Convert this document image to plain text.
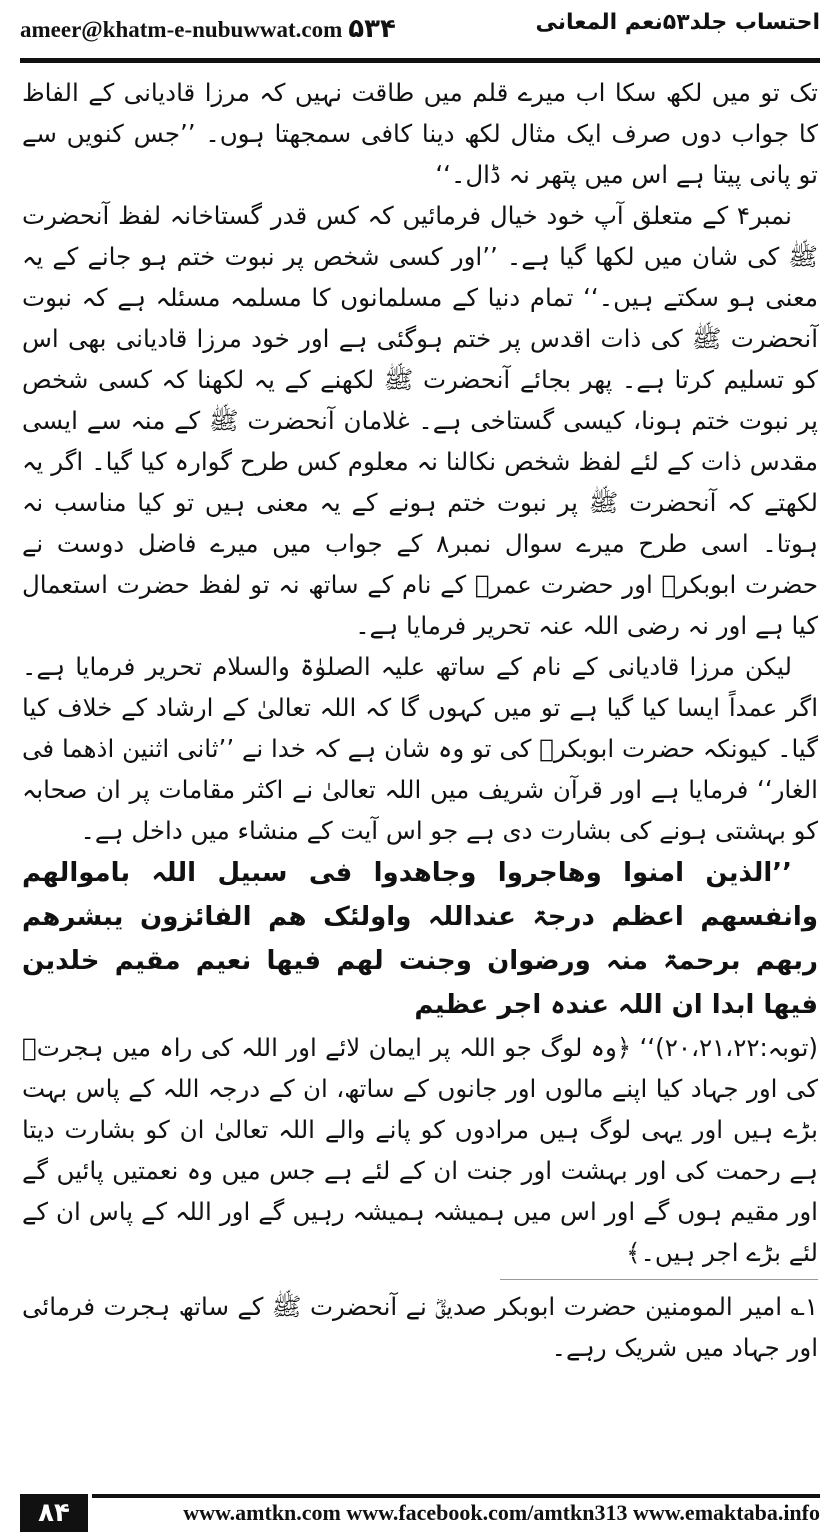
ameer@khatm-e-nubuwwat.com ۵۳۴	احتساب جلد۵۳نعم المعانی

تک تو میں لکھ سکا اب میرے قلم میں طاقت نہیں کہ مرزا قادیانی کے الفاظ کا جواب دوں صرف ایک مثال لکھ دینا کافی سمجھتا ہوں۔ ’’جس کنویں سے تو پانی پیتا ہے اس میں پتھر نہ ڈال۔‘‘

نمبر۴ کے متعلق آپ خود خیال فرمائیں کہ کس قدر گستاخانہ لفظ آنحضرت ﷺ کی شان میں لکھا گیا ہے۔ ’’اور کسی شخص پر نبوت ختم ہو جانے کے یہ معنی ہو سکتے ہیں۔‘‘ تمام دنیا کے مسلمانوں کا مسلمہ مسئلہ ہے کہ نبوت آنحضرت ﷺ کی ذات اقدس پر ختم ہوگئی ہے اور خود مرزا قادیانی بھی اس کو تسلیم کرتا ہے۔ پھر بجائے آنحضرت ﷺ لکھنے کے یہ لکھنا کہ کسی شخص پر نبوت ختم ہونا، کیسی گستاخی ہے۔ غلامان آنحضرت ﷺ کے منہ سے ایسی مقدس ذات کے لئے لفظ شخص نکالنا نہ معلوم کس طرح گوارہ کیا گیا۔ اگر یہ لکھتے کہ آنحضرت ﷺ پر نبوت ختم ہونے کے یہ معنی ہیں تو کیا مناسب نہ ہوتا۔ اسی طرح میرے سوال نمبر۸ کے جواب میں میرے فاضل دوست نے حضرت ابوبکرؓ اور حضرت عمرؓ کے نام کے ساتھ نہ تو لفظ حضرت استعمال کیا ہے اور نہ رضی اللہ عنہ تحریر فرمایا ہے۔

لیکن مرزا قادیانی کے نام کے ساتھ علیہ الصلوٰۃ والسلام تحریر فرمایا ہے۔ اگر عمداً ایسا کیا گیا ہے تو میں کہوں گا کہ اللہ تعالیٰ کے ارشاد کے خلاف کیا گیا۔ کیونکہ حضرت ابوبکرؓ کی تو وہ شان ہے کہ خدا نے ’’ثانی اثنین اذھما فی الغار‘‘ فرمایا ہے اور قرآن شریف میں اللہ تعالیٰ نے اکثر مقامات پر ان صحابہ کو بہشتی ہونے کی بشارت دی ہے جو اس آیت کے منشاء میں داخل ہے۔

’’الذین امنوا وھاجروا وجاھدوا فی سبیل اللہ باموالھم وانفسھم اعظم درجۃ عنداللہ واولئک ھم الفائزون یبشرھم ربھم برحمۃ منہ ورضوان وجنت لھم فیھا نعیم مقیم خلدین فیھا ابدا ان اللہ عندہ اجر عظیم

(توبہ:۲۰،۲۱،۲۲)‘‘ ﴿وہ لوگ جو اللہ پر ایمان لائے اور اللہ کی راہ میں ہجرتؔ کی اور جہاد کیا اپنے مالوں اور جانوں کے ساتھ، ان کے درجہ اللہ کے پاس بہت بڑے ہیں اور یہی لوگ ہیں مرادوں کو پانے والے اللہ تعالیٰ ان کو بشارت دیتا ہے رحمت کی اور بہشت اور جنت ان کے لئے ہے جس میں وہ نعمتیں پائیں گے اور مقیم ہوں گے اور اس میں ہمیشہ ہمیشہ رہیں گے اور اللہ کے پاس ان کے لئے بڑے اجر ہیں۔﴾

۱؎ امیر المومنین حضرت ابوبکر صدیقؓ نے آنحضرت ﷺ کے ساتھ ہجرت فرمائی اور جہاد میں شریک رہے۔

۸۴	www.amtkn.com www.facebook.com/amtkn313 www.emaktaba.info
